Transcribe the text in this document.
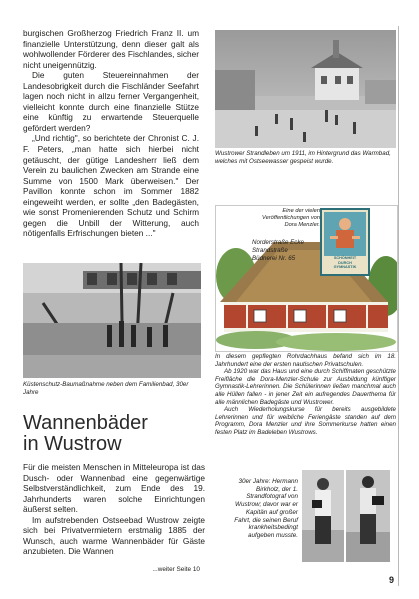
burgischen Großherzog Friedrich Franz II. um finanzielle Unterstützung, denn dieser galt als wohlwollender Förderer des Fischlandes, sicher nicht uneigennützig.

Die guten Steuereinnahmen der Landesobrigkeit durch die Fischländer Seefahrt lagen noch nicht in allzu ferner Vergangenheit, vielleicht konnte durch eine finanzielle Stütze eine künftig zu erwartende Steuerquelle gefördert werden?

„Und richtig", so berichtete der Chronist C. J. F. Peters, „man hatte sich hierbei nicht getäuscht, der gütige Landesherr ließ dem Verein zu baulichen Zwecken am Strande eine Summe von 1500 Mark überweisen." Der Pavillon konnte schon im Sommer 1882 eingeweiht werden, er sollte „den Badegästen, wie sonst Promenierenden Schutz und Schirm gegen die Unbill der Witterung, auch nötigenfalls Erfrischungen bieten ..."

Wustrower Strandleben um 1911, im Hintergrund das Warmbad, welches mit Ostseewasser gespeist wurde.
SCHÖNHEIT
DURCH
GYMNASTIK
Eine der vielen Veröffentlichungen von Dora Menzler.
Norderstraße Ecke Strandstraße Büdnerei Nr. 65
In diesem gepflegten Rohrdachhaus befand sich im 18. Jahrhundert eine der ersten nautischen Privatschulen.
Ab 1920 war das Haus und eine durch Schiffmaten geschützte Freifläche die Dora-Menzler-Schule zur Ausbildung künftiger Gymnastik-Lehrerinnen. Die Schülerinnen ließen manchmal auch alle Hüllen fallen - in jener Zeit ein aufregendes Dauerthema für alle männlichen Badegäste und Wustrower.
Auch Wiederholungskurse für bereits ausgebildete Lehrerinnen und für weibliche Feriengäste standen auf dem Programm, Dora Menzler und ihre Sommerkurse hatten einen festen Platz im Badeleben Wustrows.
Küstenschutz-Baumaßnahme neben dem Familienbad, 30er Jahre
Wannenbäder
in Wustrow

Für die meisten Menschen in Mitteleuropa ist das Dusch- oder Wannenbad eine gegenwärtige Selbstverständlichkeit, zum Ende des 19. Jahrhunderts waren solche Einrichtungen äußerst selten.

Im aufstrebenden Ostseebad Wustrow zeigte sich bei Privatvermietern erstmalig 1885 der Wunsch, auch warme Wannenbäder für Gäste anzubieten. Die Wannen

...weiter Seite 10
30er Jahre: Hermann Birkholz, der 1. Strandfotograf von Wustrow; davor war er Kapitän auf großer Fahrt, die seinen Beruf krankheitsbedingt aufgeben musste.
9
